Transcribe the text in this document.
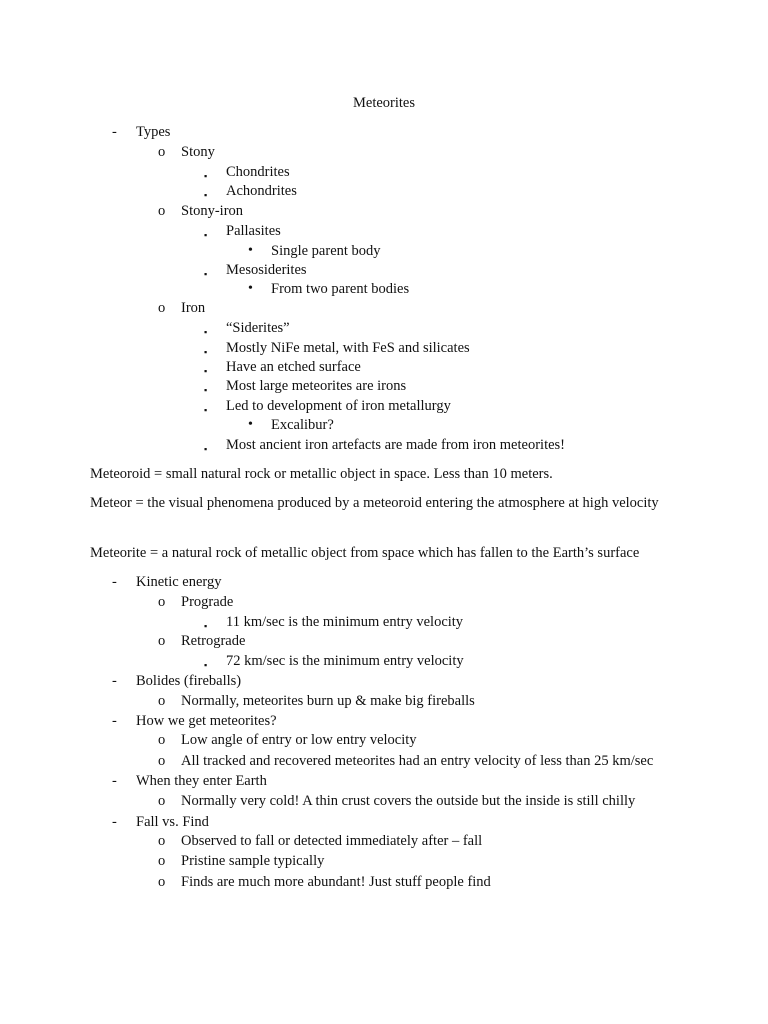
Meteorites
- Types
o Stony
▪ Chondrites
▪ Achondrites
o Stony-iron
▪ Pallasites
• Single parent body
▪ Mesosiderites
• From two parent bodies
o Iron
▪ “Siderites”
▪ Mostly NiFe metal, with FeS and silicates
▪ Have an etched surface
▪ Most large meteorites are irons
▪ Led to development of iron metallurgy
• Excalibur?
▪ Most ancient iron artefacts are made from iron meteorites!
Meteoroid = small natural rock or metallic object in space. Less than 10 meters.
Meteor = the visual phenomena produced by a meteoroid entering the atmosphere at high velocity
Meteorite = a natural rock of metallic object from space which has fallen to the Earth’s surface
- Kinetic energy
o Prograde
▪ 11 km/sec is the minimum entry velocity
o Retrograde
▪ 72 km/sec is the minimum entry velocity
- Bolides (fireballs)
o Normally, meteorites burn up & make big fireballs
- How we get meteorites?
o Low angle of entry or low entry velocity
o All tracked and recovered meteorites had an entry velocity of less than 25 km/sec
- When they enter Earth
o Normally very cold! A thin crust covers the outside but the inside is still chilly
- Fall vs. Find
o Observed to fall or detected immediately after – fall
o Pristine sample typically
o Finds are much more abundant! Just stuff people find
